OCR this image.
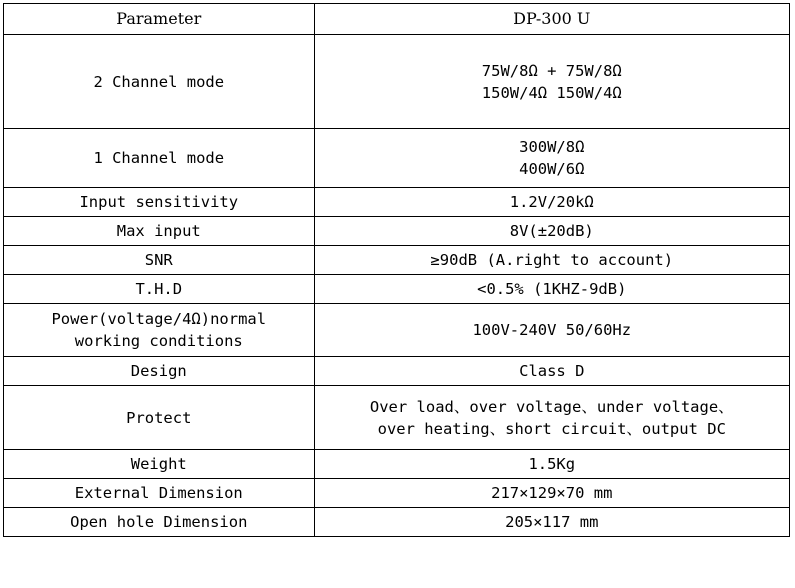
Parameter	DP-300 U

2 Channel mode	75W/8Ω + 75W/8Ω
150W/4Ω 150W/4Ω

1 Channel mode	300W/8Ω
400W/6Ω

Input sensitivity	1.2V/20kΩ

Max input	8V(±20dB)

SNR	≥90dB (A.right to account)

T.H.D	<0.5% (1KHZ-9dB)

Power(voltage/4Ω)normal
working conditions	100V-240V 50/60Hz

Design	Class D

Protect	Over load、over voltage、under voltage、
over heating、short circuit、output DC

Weight	1.5Kg

External Dimension	217×129×70 mm

Open hole Dimension	205×117 mm
